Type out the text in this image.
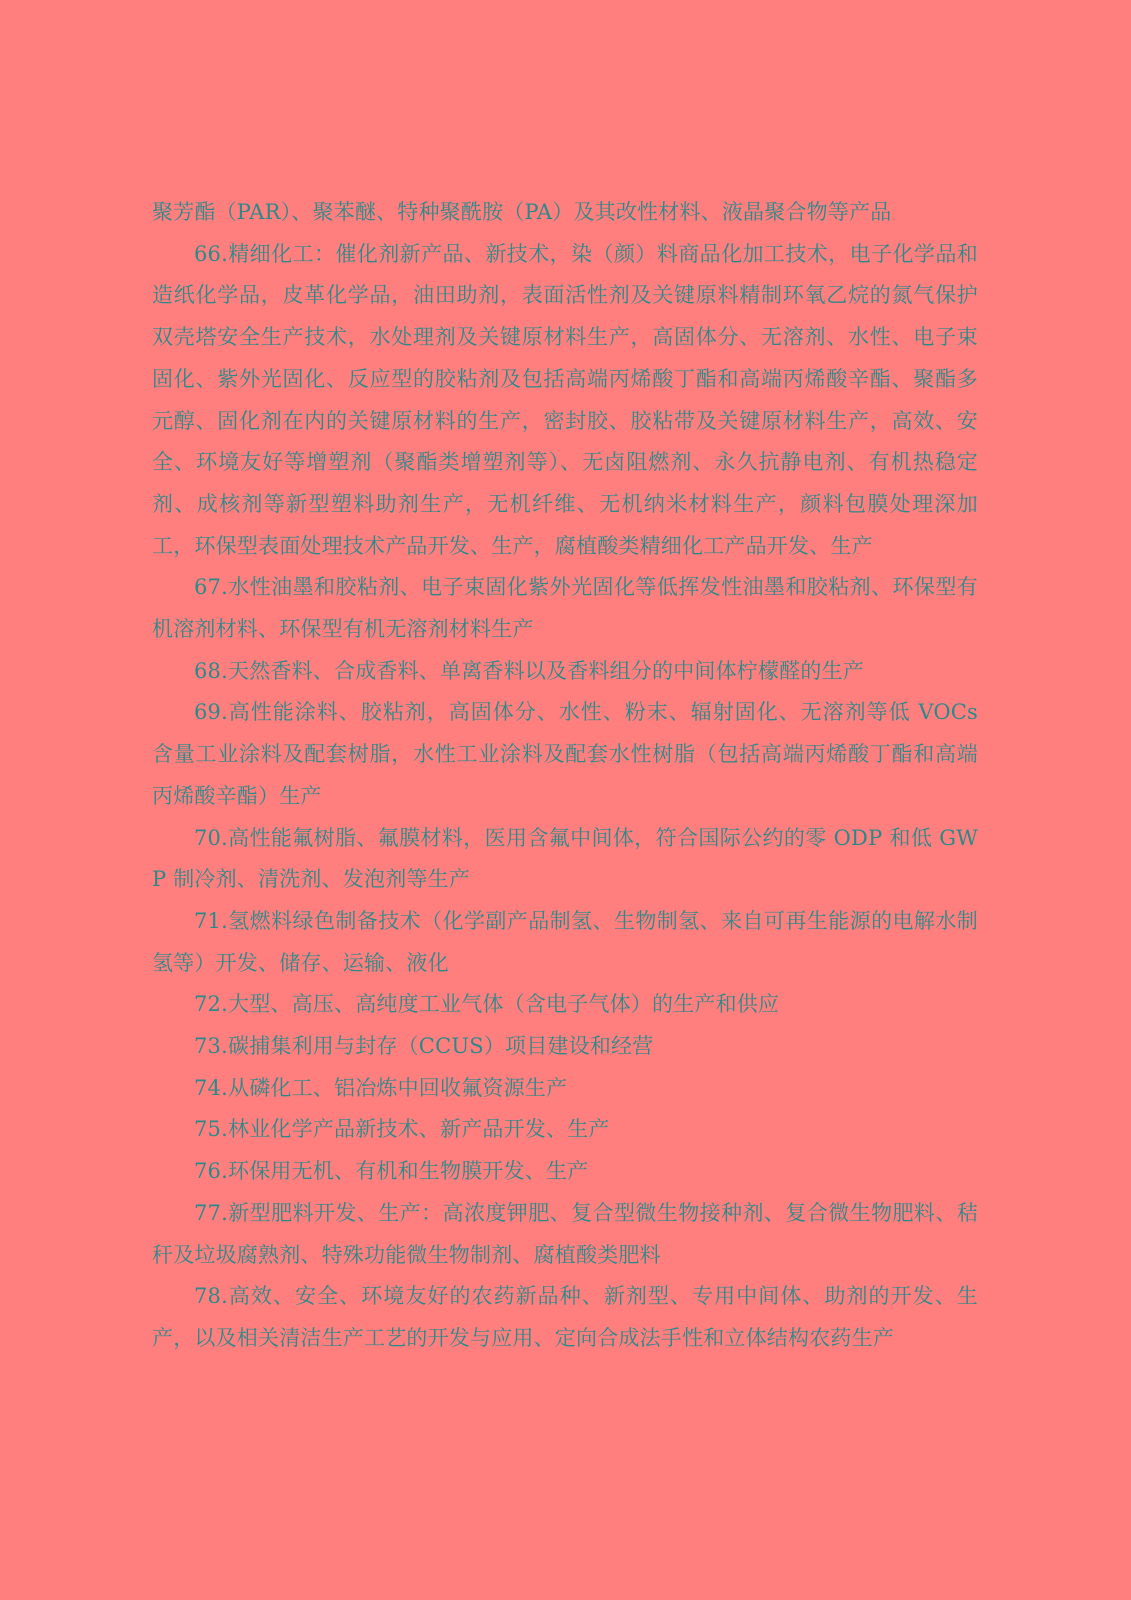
聚芳酯（PAR）、聚苯醚、特种聚酰胺（PA）及其改性材料、液晶聚合物等产品

66.精细化工：催化剂新产品、新技术，染（颜）料商品化加工技术，电子化学品和造纸化学品，皮革化学品，油田助剂，表面活性剂及关键原料精制环氧乙烷的氮气保护双壳塔安全生产技术，水处理剂及关键原材料生产，高固体分、无溶剂、水性、电子束固化、紫外光固化、反应型的胶粘剂及包括高端丙烯酸丁酯和高端丙烯酸辛酯、聚酯多元醇、固化剂在内的关键原材料的生产，密封胶、胶粘带及关键原材料生产，高效、安全、环境友好等增塑剂（聚酯类增塑剂等）、无卤阻燃剂、永久抗静电剂、有机热稳定剂、成核剂等新型塑料助剂生产，无机纤维、无机纳米材料生产，颜料包膜处理深加工，环保型表面处理技术产品开发、生产，腐植酸类精细化工产品开发、生产

67.水性油墨和胶粘剂、电子束固化紫外光固化等低挥发性油墨和胶粘剂、环保型有机溶剂材料、环保型有机无溶剂材料生产

68.天然香料、合成香料、单离香料以及香料组分的中间体柠檬醛的生产

69.高性能涂料、胶粘剂，高固体分、水性、粉末、辐射固化、无溶剂等低 VOCs 含量工业涂料及配套树脂，水性工业涂料及配套水性树脂（包括高端丙烯酸丁酯和高端丙烯酸辛酯）生产

70.高性能氟树脂、氟膜材料，医用含氟中间体，符合国际公约的零 ODP 和低 GWP 制冷剂、清洗剂、发泡剂等生产

71.氢燃料绿色制备技术（化学副产品制氢、生物制氢、来自可再生能源的电解水制氢等）开发、储存、运输、液化

72.大型、高压、高纯度工业气体（含电子气体）的生产和供应

73.碳捕集利用与封存（CCUS）项目建设和经营

74.从磷化工、铝冶炼中回收氟资源生产

75.林业化学产品新技术、新产品开发、生产

76.环保用无机、有机和生物膜开发、生产

77.新型肥料开发、生产：高浓度钾肥、复合型微生物接种剂、复合微生物肥料、秸秆及垃圾腐熟剂、特殊功能微生物制剂、腐植酸类肥料

78.高效、安全、环境友好的农药新品种、新剂型、专用中间体、助剂的开发、生产，以及相关清洁生产工艺的开发与应用、定向合成法手性和立体结构农药生产
